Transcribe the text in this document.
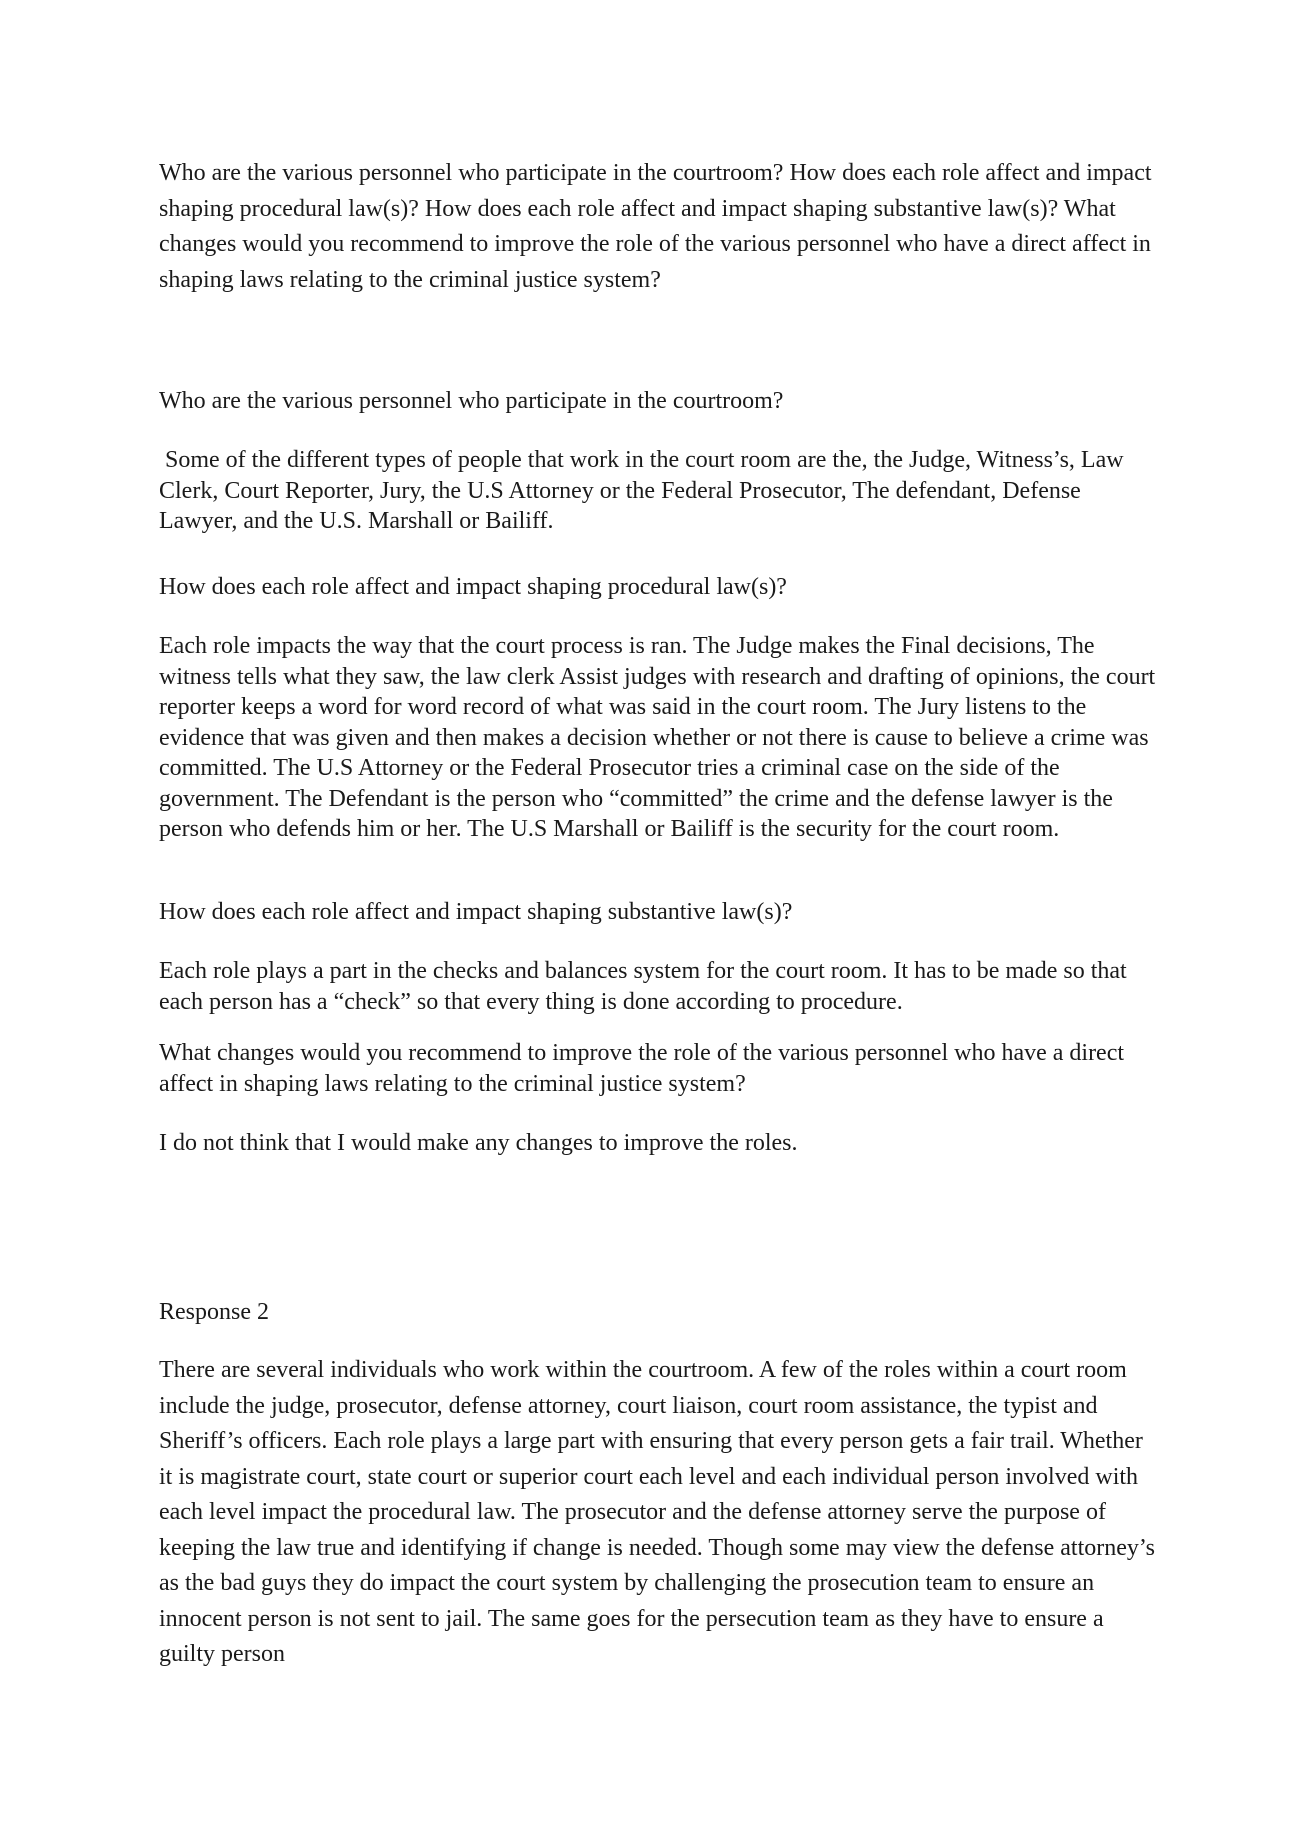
Who are the various personnel who participate in the courtroom? How does each role affect and impact shaping procedural law(s)? How does each role affect and impact shaping substantive law(s)? What changes would you recommend to improve the role of the various personnel who have a direct affect in shaping laws relating to the criminal justice system?

Who are the various personnel who participate in the courtroom?

Some of the different types of people that work in the court room are the, the Judge, Witness’s, Law Clerk, Court Reporter, Jury, the U.S Attorney or the Federal Prosecutor, The defendant, Defense Lawyer, and the U.S. Marshall or Bailiff.

How does each role affect and impact shaping procedural law(s)?

Each role impacts the way that the court process is ran. The Judge makes the Final decisions, The witness tells what they saw, the law clerk Assist judges with research and drafting of opinions, the court reporter keeps a word for word record of what was said in the court room. The Jury listens to the evidence that was given and then makes a decision whether or not there is cause to believe a crime was committed. The U.S Attorney or the Federal Prosecutor tries a criminal case on the side of the government. The Defendant is the person who “committed” the crime and the defense lawyer is the person who defends him or her. The U.S Marshall or Bailiff is the security for the court room.

How does each role affect and impact shaping substantive law(s)?

Each role plays a part in the checks and balances system for the court room. It has to be made so that each person has a “check” so that every thing is done according to procedure.

What changes would you recommend to improve the role of the various personnel who have a direct affect in shaping laws relating to the criminal justice system?

I do not think that I would make any changes to improve the roles.

Response 2

There are several individuals who work within the courtroom. A few of the roles within a court room include the judge, prosecutor, defense attorney, court liaison, court room assistance, the typist and Sheriff’s officers. Each role plays a large part with ensuring that every person gets a fair trail. Whether it is magistrate court, state court or superior court each level and each individual person involved with each level impact the procedural law. The prosecutor and the defense attorney serve the purpose of keeping the law true and identifying if change is needed. Though some may view the defense attorney’s as the bad guys they do impact the court system by challenging the prosecution team to ensure an innocent person is not sent to jail. The same goes for the persecution team as they have to ensure a guilty person
